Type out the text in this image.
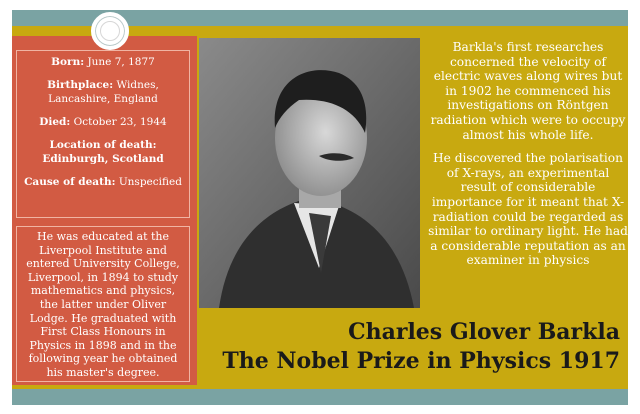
Born: June 7, 1877
Birthplace: Widnes, Lancashire, England
Died: October 23, 1944
Location of death:
Edinburgh, Scotland
Cause of death: Unspecified
He was educated at the Liverpool Institute and entered University College, Liverpool, in 1894 to study mathematics and physics, the latter under Oliver Lodge. He graduated with First Class Honours in Physics in 1898 and in the following year he obtained his master's degree.

Barkla's first researches concerned the velocity of electric waves along wires but in 1902 he commenced his investigations on Röntgen radiation which were to occupy almost his whole life.

He discovered the polarisation of X-rays, an experimental result of considerable importance for it meant that X-radiation could be regarded as similar to ordinary light. He had a considerable reputation as an examiner in physics

Charles Glover Barkla
The Nobel Prize in Physics 1917
